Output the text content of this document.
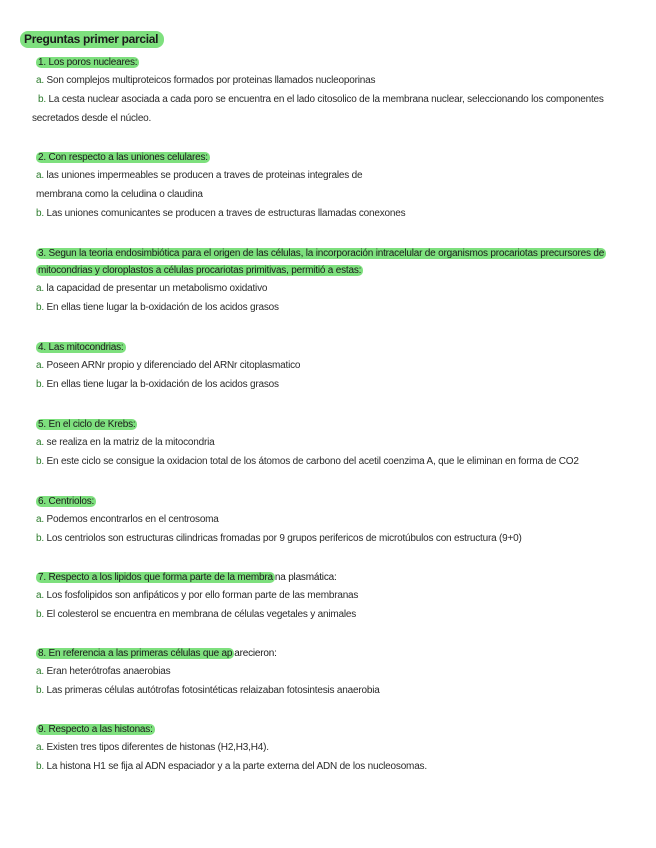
Preguntas primer parcial
1. Los poros nucleares:
a. Son complejos multiproteicos formados por proteinas llamados nucleoporinas
b. La cesta nuclear asociada a cada poro se encuentra en el lado citosolico de la membrana nuclear, seleccionando los componentes
secretados desde el núcleo.
2. Con respecto a las uniones celulares:
a. las uniones impermeables se producen a traves de proteinas integrales de
membrana como la celudina o claudina
b. Las uniones comunicantes se producen a traves de estructuras llamadas conexones
3. Segun la teoria endosimbiótica para el origen de las células, la incorporación intracelular de organismos procariotas precursores de
mitocondrias y cloroplastos a células procariotas primitivas, permitió a estas:
a. la capacidad de presentar un metabolismo oxidativo
b. En ellas tiene lugar la b-oxidación de los acidos grasos
4. Las mitocondrias:
a. Poseen ARNr propio y diferenciado del ARNr citoplasmatico
b. En ellas tiene lugar la b-oxidación de los acidos grasos
5. En el ciclo de Krebs:
a. se realiza en la matriz de la mitocondria
b. En este ciclo se consigue la oxidacion total de los átomos de carbono del acetil coenzima A, que le eliminan en forma de CO2
6. Centriolos:
a. Podemos encontrarlos en el centrosoma
b. Los centriolos son estructuras cilindricas fromadas por 9 grupos perifericos de microtúbulos con estructura (9+0)
7. Respecto a los lipidos que forma parte de la membra na plasmática:
a. Los fosfolipidos son anfipáticos y por ello forman parte de las membranas
b. El colesterol se encuentra en membrana de células vegetales y animales
8. En referencia a las primeras células que ap arecieron:
a. Eran heterótrofas anaerobias
b. Las primeras células autótrofas fotosintéticas relaizaban fotosintesis anaerobia
9. Respecto a las histonas:
a. Existen tres tipos diferentes de histonas (H2,H3,H4).
b. La histona H1 se fija al ADN espaciador y a la parte externa del ADN de los nucleosomas.
